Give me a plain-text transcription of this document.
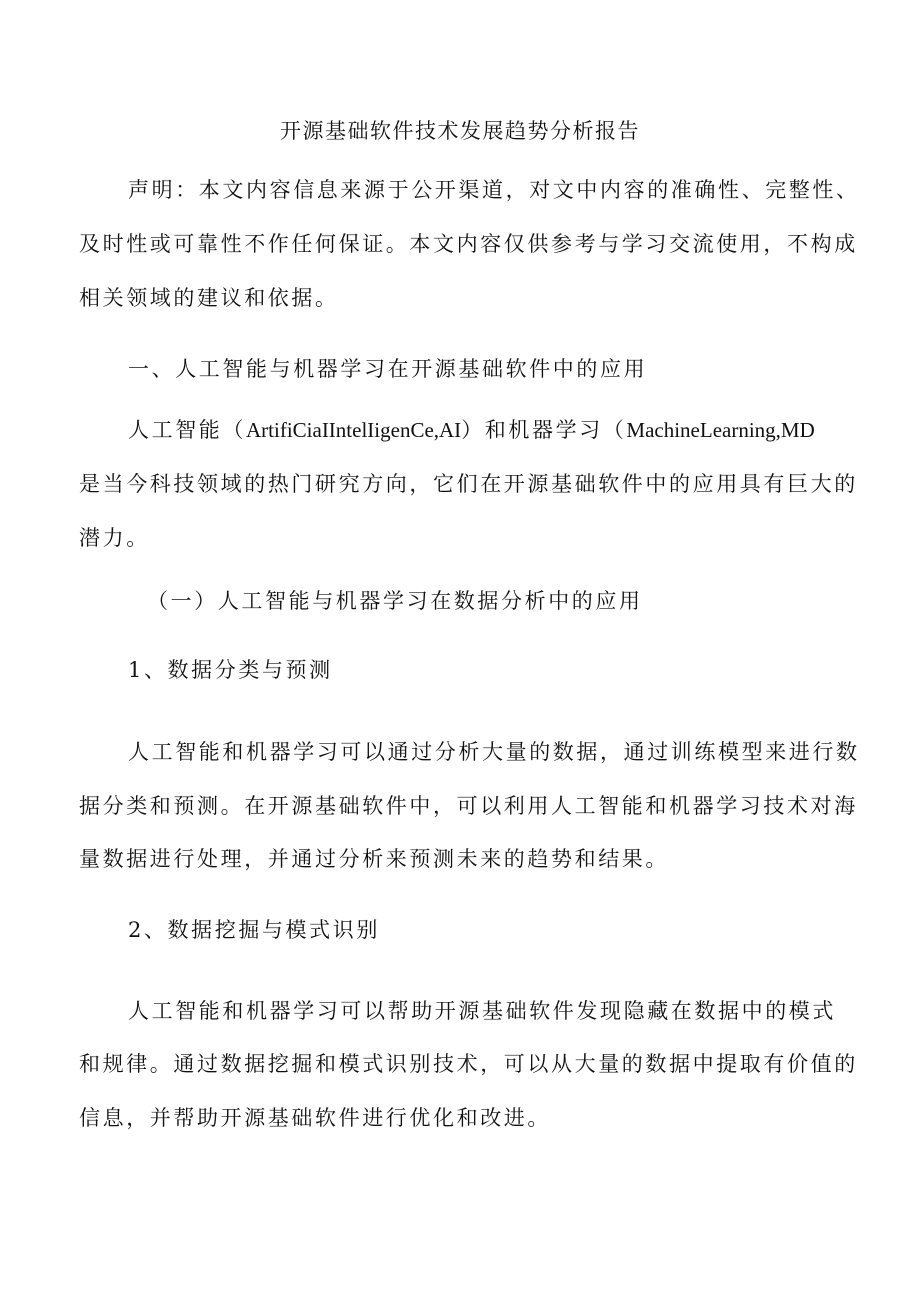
开源基础软件技术发展趋势分析报告
声明：本文内容信息来源于公开渠道，对文中内容的准确性、完整性、
及时性或可靠性不作任何保证。本文内容仅供参考与学习交流使用，不构成
相关领域的建议和依据。
一、人工智能与机器学习在开源基础软件中的应用
人工智能（ArtifiCiaIIntelIigenCe,AI）和机器学习（MachineLearning,MD
是当今科技领域的热门研究方向，它们在开源基础软件中的应用具有巨大的
潜力。
（一）人工智能与机器学习在数据分析中的应用
1、数据分类与预测
人工智能和机器学习可以通过分析大量的数据，通过训练模型来进行数
据分类和预测。在开源基础软件中，可以利用人工智能和机器学习技术对海
量数据进行处理，并通过分析来预测未来的趋势和结果。
2、数据挖掘与模式识别
人工智能和机器学习可以帮助开源基础软件发现隐藏在数据中的模式
和规律。通过数据挖掘和模式识别技术，可以从大量的数据中提取有价值的
信息，并帮助开源基础软件进行优化和改进。
